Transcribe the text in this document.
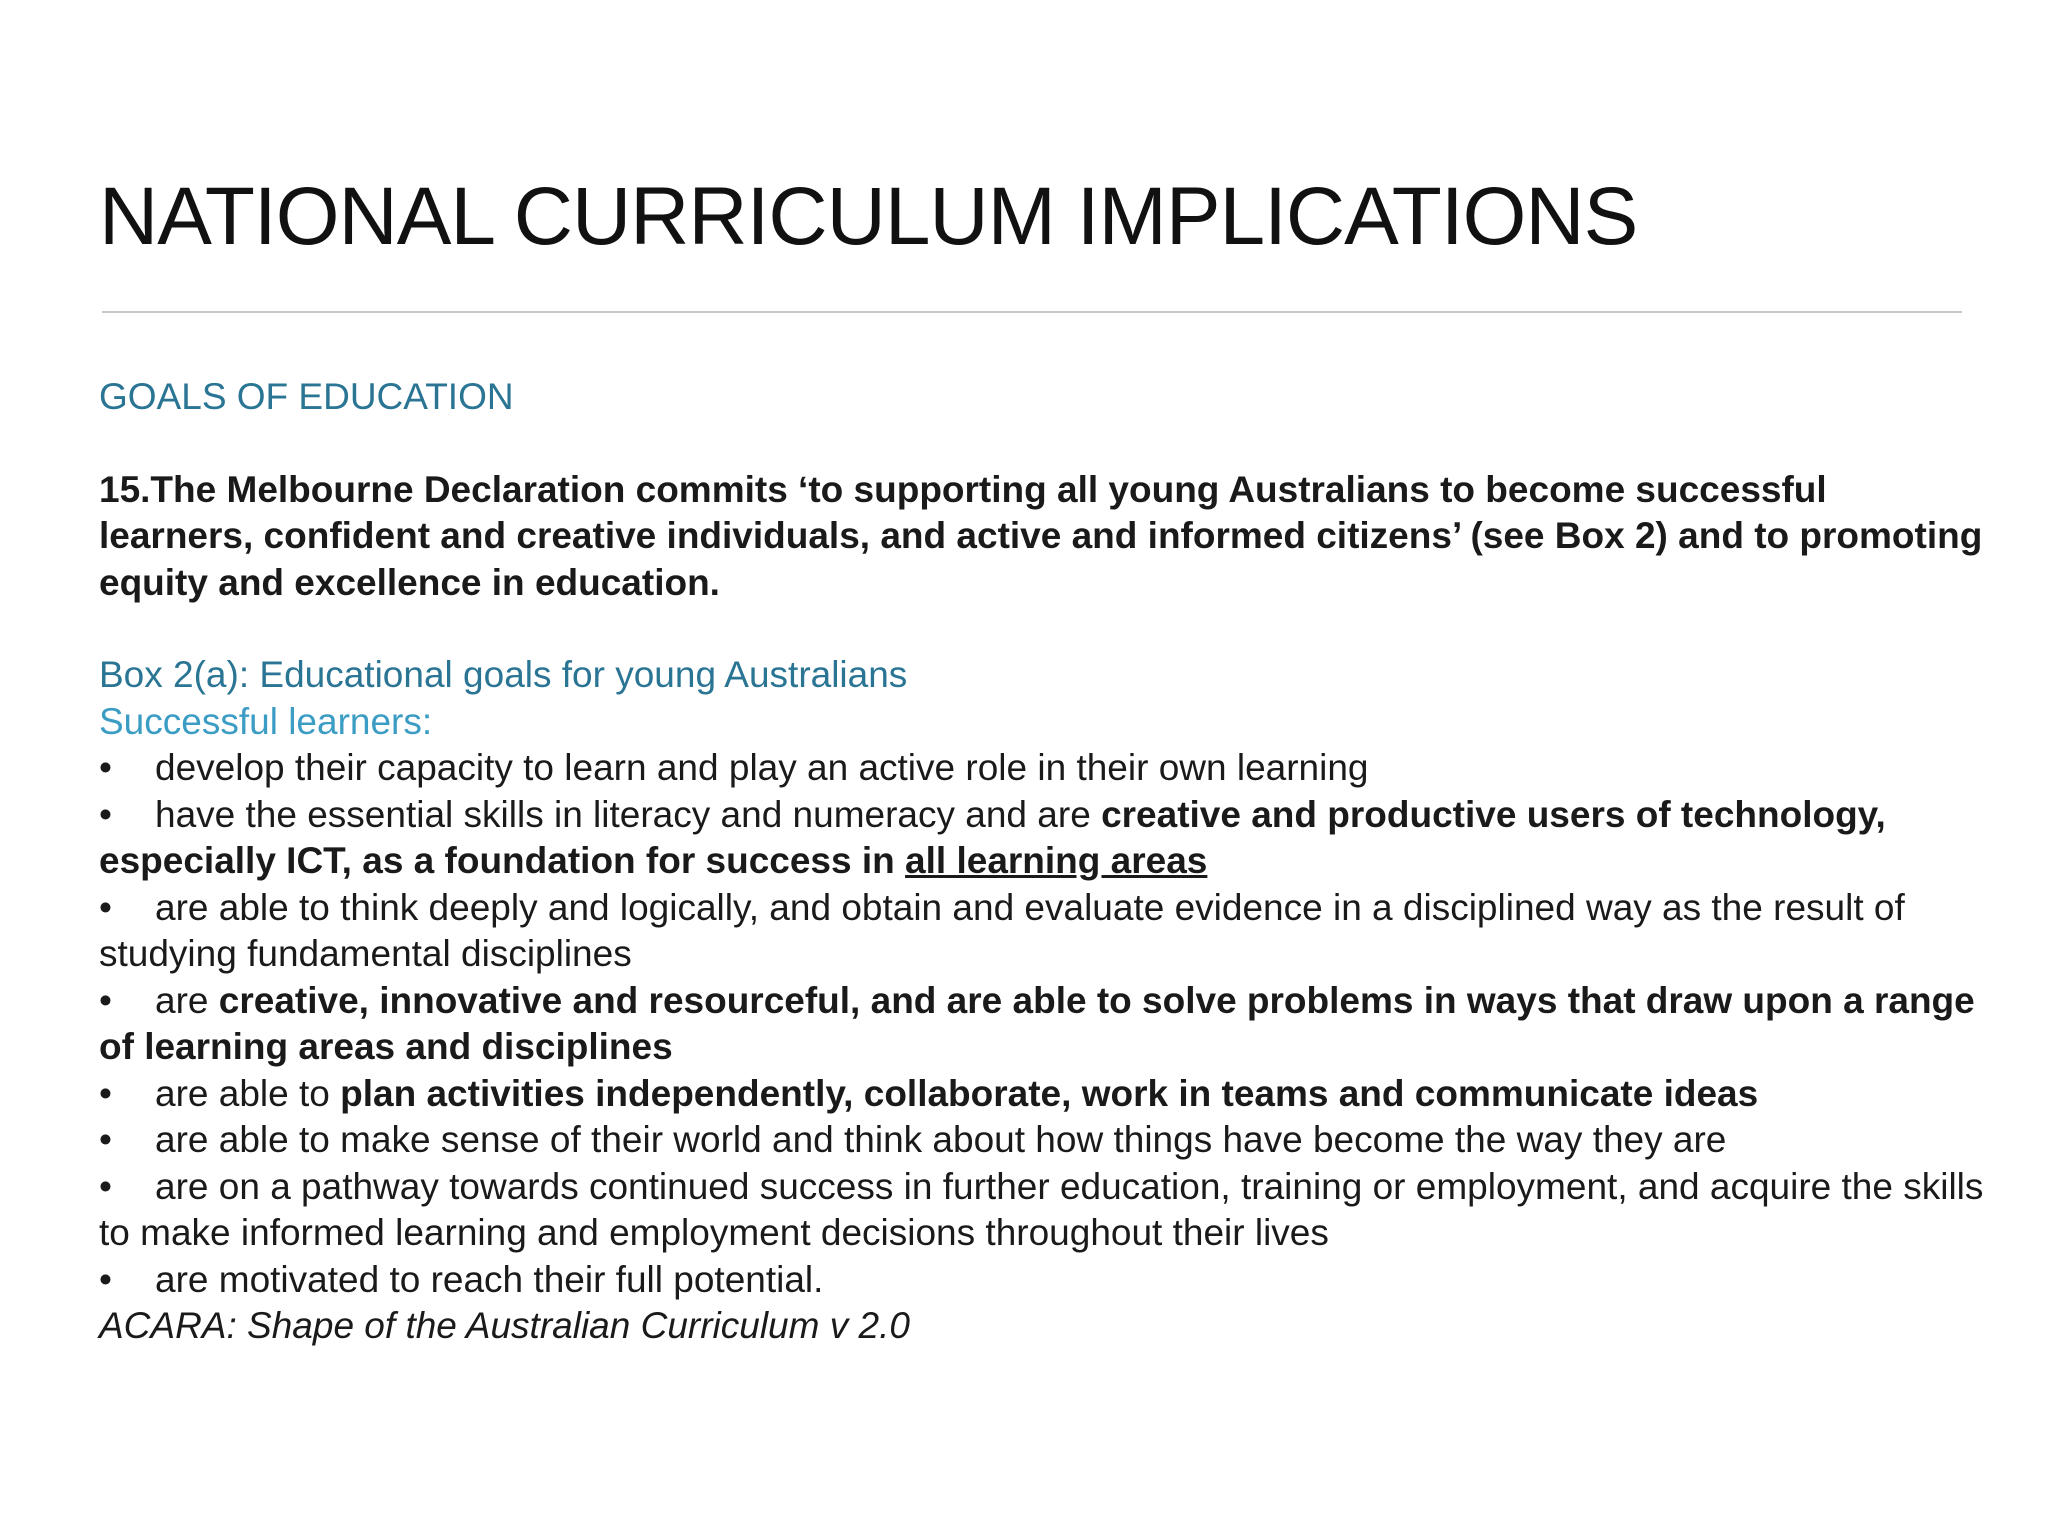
NATIONAL CURRICULUM IMPLICATIONS
GOALS OF EDUCATION

15.The Melbourne Declaration commits ‘to supporting all young Australians to become successful learners, confident and creative individuals, and active and informed citizens’ (see Box 2) and to promoting equity and excellence in education.

Box 2(a): Educational goals for young Australians
Successful learners:
• develop their capacity to learn and play an active role in their own learning
• have the essential skills in literacy and numeracy and are creative and productive users of technology, especially ICT, as a foundation for success in all learning areas
• are able to think deeply and logically, and obtain and evaluate evidence in a disciplined way as the result of studying fundamental disciplines
• are creative, innovative and resourceful, and are able to solve problems in ways that draw upon a range of learning areas and disciplines
• are able to plan activities independently, collaborate, work in teams and communicate ideas
• are able to make sense of their world and think about how things have become the way they are
• are on a pathway towards continued success in further education, training or employment, and acquire the skills to make informed learning and employment decisions throughout their lives
• are motivated to reach their full potential.

ACARA: Shape of the Australian Curriculum v 2.0
